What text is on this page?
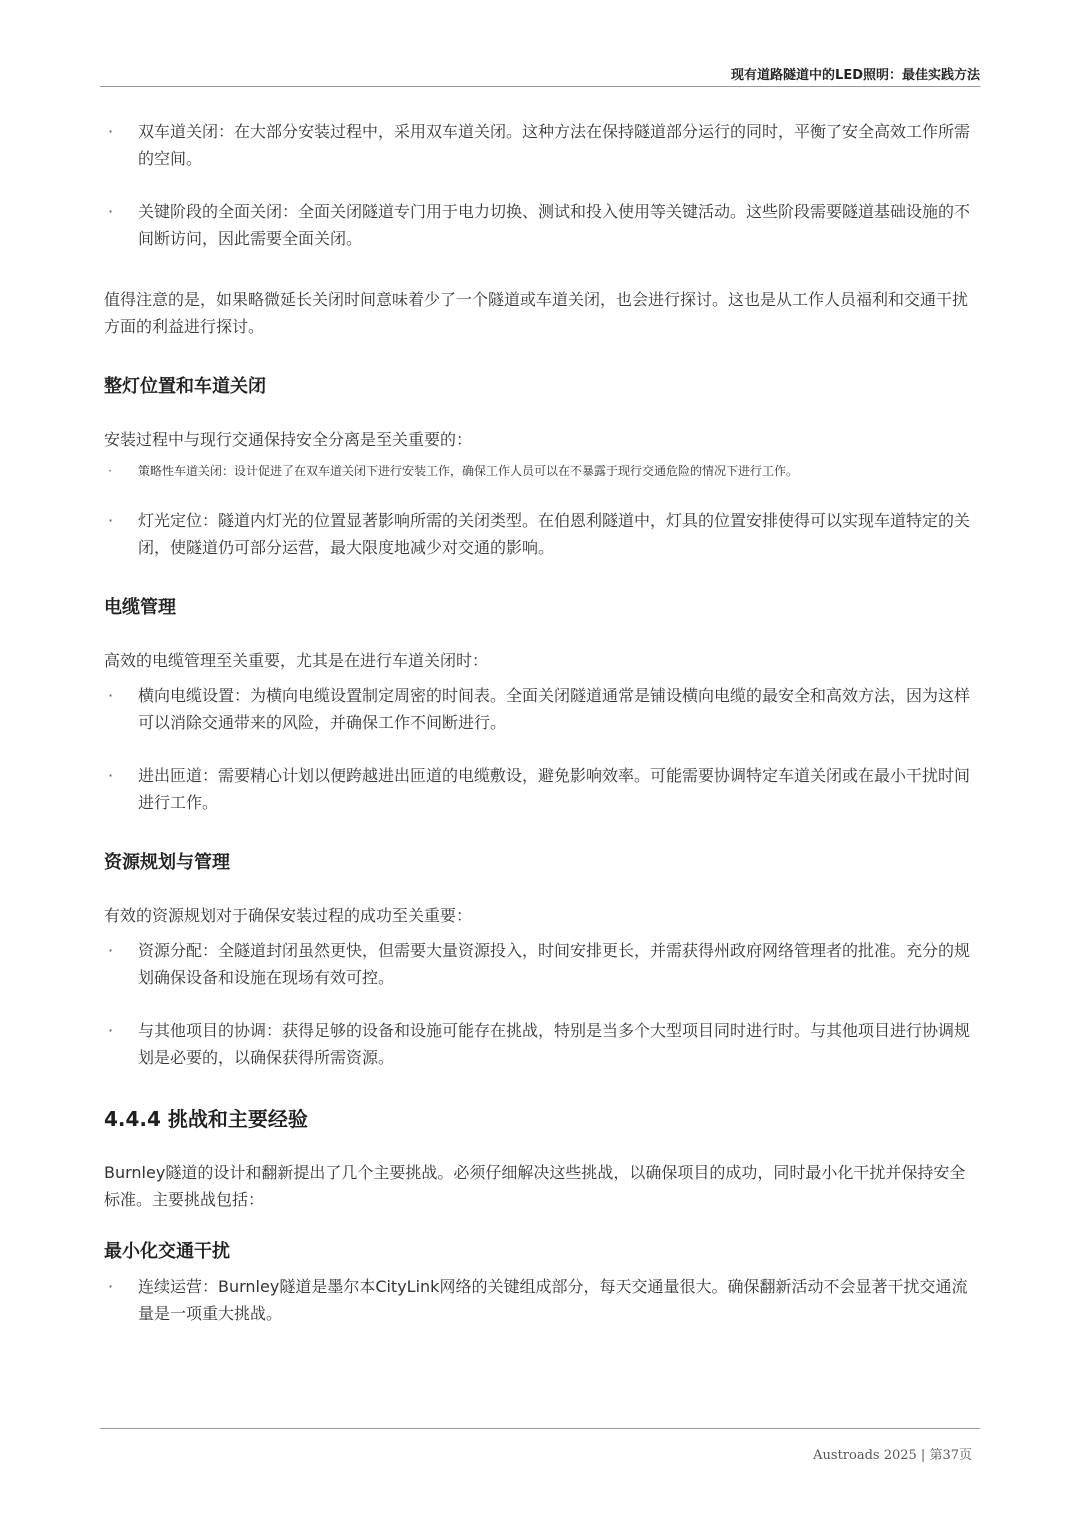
现有道路隧道中的LED照明：最佳实践方法
· 双车道关闭：在大部分安装过程中，采用双车道关闭。这种方法在保持隧道部分运行的同时，平衡了安全高效工作所需的空间。
· 关键阶段的全面关闭：全面关闭隧道专门用于电力切换、测试和投入使用等关键活动。这些阶段需要隧道基础设施的不间断访问，因此需要全面关闭。
值得注意的是，如果略微延长关闭时间意味着少了一个隧道或车道关闭，也会进行探讨。这也是从工作人员福利和交通干扰方面的利益进行探讨。
整灯位置和车道关闭
安装过程中与现行交通保持安全分离是至关重要的：
· 策略性车道关闭：设计促进了在双车道关闭下进行安装工作，确保工作人员可以在不暴露于现行交通危险的情况下进行工作。
· 灯光定位：隧道内灯光的位置显著影响所需的关闭类型。在伯恩利隧道中，灯具的位置安排使得可以实现车道特定的关闭，使隧道仍可部分运营，最大限度地减少对交通的影响。
电缆管理
高效的电缆管理至关重要，尤其是在进行车道关闭时：
· 横向电缆设置：为横向电缆设置制定周密的时间表。全面关闭隧道通常是铺设横向电缆的最安全和高效方法，因为这样可以消除交通带来的风险，并确保工作不间断进行。
· 进出匝道：需要精心计划以便跨越进出匝道的电缆敷设，避免影响效率。可能需要协调特定车道关闭或在最小干扰时间进行工作。
资源规划与管理
有效的资源规划对于确保安装过程的成功至关重要：
· 资源分配：全隧道封闭虽然更快，但需要大量资源投入，时间安排更长，并需获得州政府网络管理者的批准。充分的规划确保设备和设施在现场有效可控。
· 与其他项目的协调：获得足够的设备和设施可能存在挑战，特别是当多个大型项目同时进行时。与其他项目进行协调规划是必要的，以确保获得所需资源。
4.4.4 挑战和主要经验
Burnley隧道的设计和翻新提出了几个主要挑战。必须仔细解决这些挑战，以确保项目的成功，同时最小化干扰并保持安全标准。主要挑战包括：
最小化交通干扰
· 连续运营：Burnley隧道是墨尔本CityLink网络的关键组成部分，每天交通量很大。确保翻新活动不会显著干扰交通流量是一项重大挑战。
Austroads 2025 | 第37页
